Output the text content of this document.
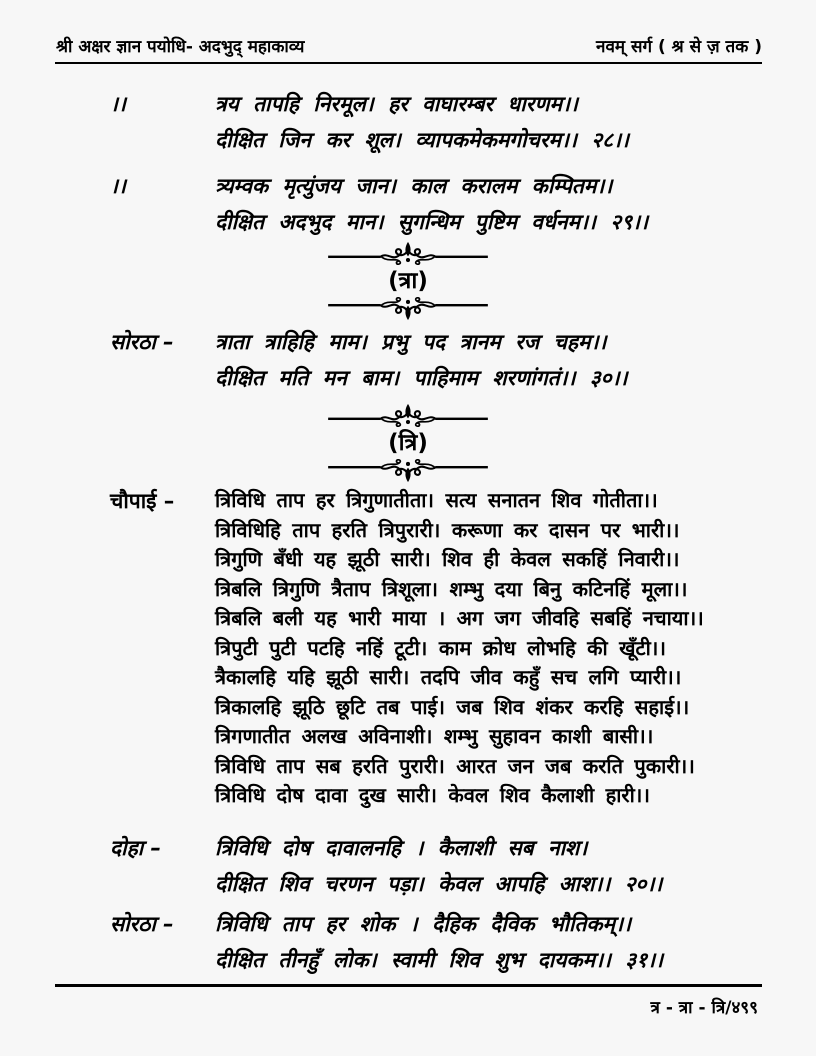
श्री अक्षर ज्ञान पयोधि- अदभुद् महाकाव्य	नवम् सर्ग ( श्र से ज़ तक )
।।	त्रय तापहि निरमूल। हर वाघारम्बर धारणम।।
दीक्षित जिन कर शूल। व्यापकमेकमगोचरम।। २८।।
।।	त्र्यम्वक मृत्युंजय जान। काल करालम कम्पितम।।
दीक्षित अदभुद मान। सुगन्धिम पुष्टिम वर्धनम।। २९।।
(त्रा)
सोरठा –	त्राता त्राहिहि माम। प्रभु पद त्रानम रज चहम।।
दीक्षित मति मन बाम। पाहिमाम शरणांगतं।। ३०।।
(त्रि)
चौपाई –	त्रिविधि ताप हर त्रिगुणातीता। सत्य सनातन शिव गोतीता।।
त्रिविधिहि ताप हरति त्रिपुरारी। करूणा कर दासन पर भारी।।
त्रिगुणि बँधी यह झूठी सारी। शिव ही केवल सकहिं निवारी।।
त्रिबलि त्रिगुणि त्रैताप त्रिशूला। शम्भु दया बिनु कटिनहिं मूला।।
त्रिबलि बली यह भारी माया । अग जग जीवहि सबहिं नचाया।।
त्रिपुटी पुटी पटहि नहिं टूटी। काम क्रोध लोभहि की खूँटी।।
त्रैकालहि यहि झूठी सारी। तदपि जीव कहुँ सच लगि प्यारी।।
त्रिकालहि झूठि छूटि तब पाई। जब शिव शंकर करहि सहाई।।
त्रिगणातीत अलख अविनाशी। शम्भु सुहावन काशी बासी।।
त्रिविधि ताप सब हरति पुरारी। आरत जन जब करति पुकारी।।
त्रिविधि दोष दावा दुख सारी। केवल शिव कैलाशी हारी।।
दोहा –	त्रिविधि दोष दावालनहि । कैलाशी सब नाश।
दीक्षित शिव चरणन पड़ा। केवल आपहि आश।। २०।।
सोरठा –	त्रिविधि ताप हर शोक । दैहिक दैविक भौतिकम्।।
दीक्षित तीनहुँ लोक। स्वामी शिव शुभ दायकम।। ३१।।
त्र - त्रा - त्रि/४९९
